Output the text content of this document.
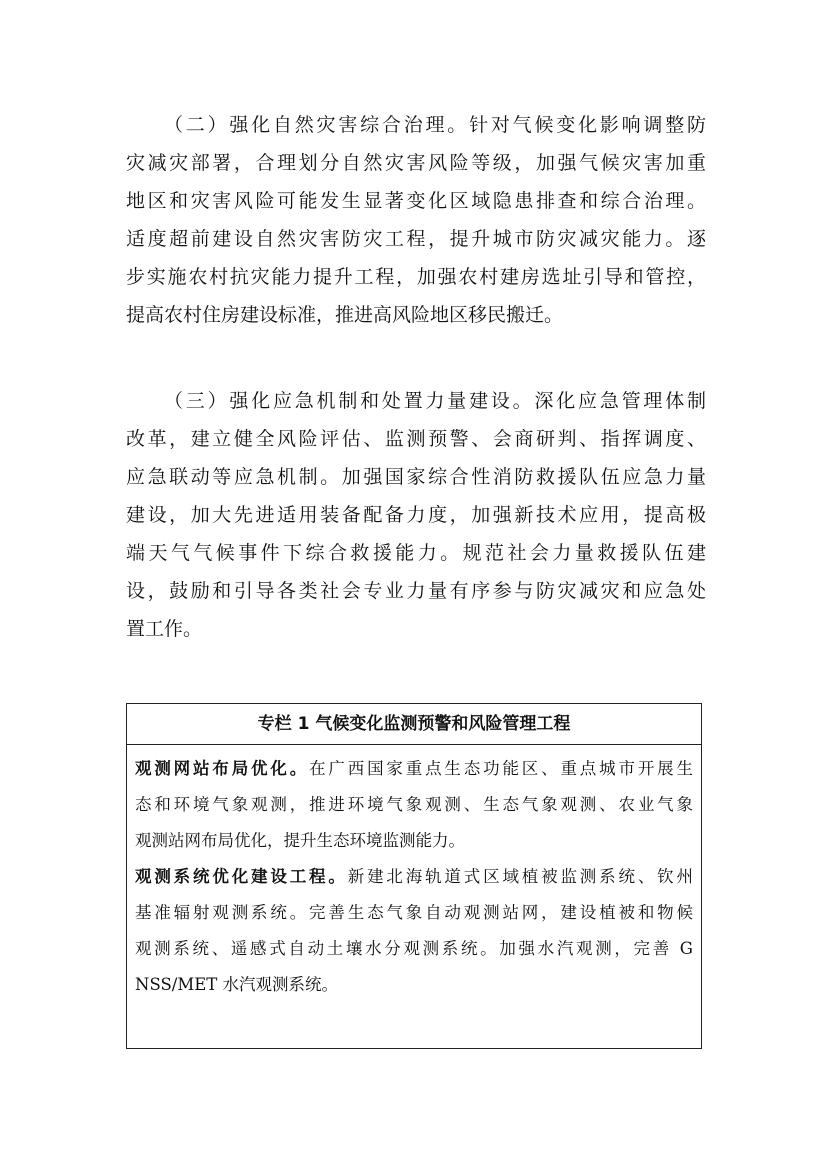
（二）强化自然灾害综合治理。针对气候变化影响调整防
灾减灾部署，合理划分自然灾害风险等级，加强气候灾害加重
地区和灾害风险可能发生显著变化区域隐患排查和综合治理。
适度超前建设自然灾害防灾工程，提升城市防灾减灾能力。逐
步实施农村抗灾能力提升工程，加强农村建房选址引导和管控，
提高农村住房建设标准，推进高风险地区移民搬迁。
（三）强化应急机制和处置力量建设。深化应急管理体制
改革，建立健全风险评估、监测预警、会商研判、指挥调度、
应急联动等应急机制。加强国家综合性消防救援队伍应急力量
建设，加大先进适用装备配备力度，加强新技术应用，提高极
端天气气候事件下综合救援能力。规范社会力量救援队伍建
设，鼓励和引导各类社会专业力量有序参与防灾减灾和应急处
置工作。
专栏 1 气候变化监测预警和风险管理工程
观测网站布局优化。在广西国家重点生态功能区、重点城市开展生
态和环境气象观测，推进环境气象观测、生态气象观测、农业气象
观测站网布局优化，提升生态环境监测能力。
观测系统优化建设工程。新建北海轨道式区域植被监测系统、钦州
基准辐射观测系统。完善生态气象自动观测站网，建设植被和物候
观测系统、遥感式自动土壤水分观测系统。加强水汽观测，完善 G
NSS/MET 水汽观测系统。
